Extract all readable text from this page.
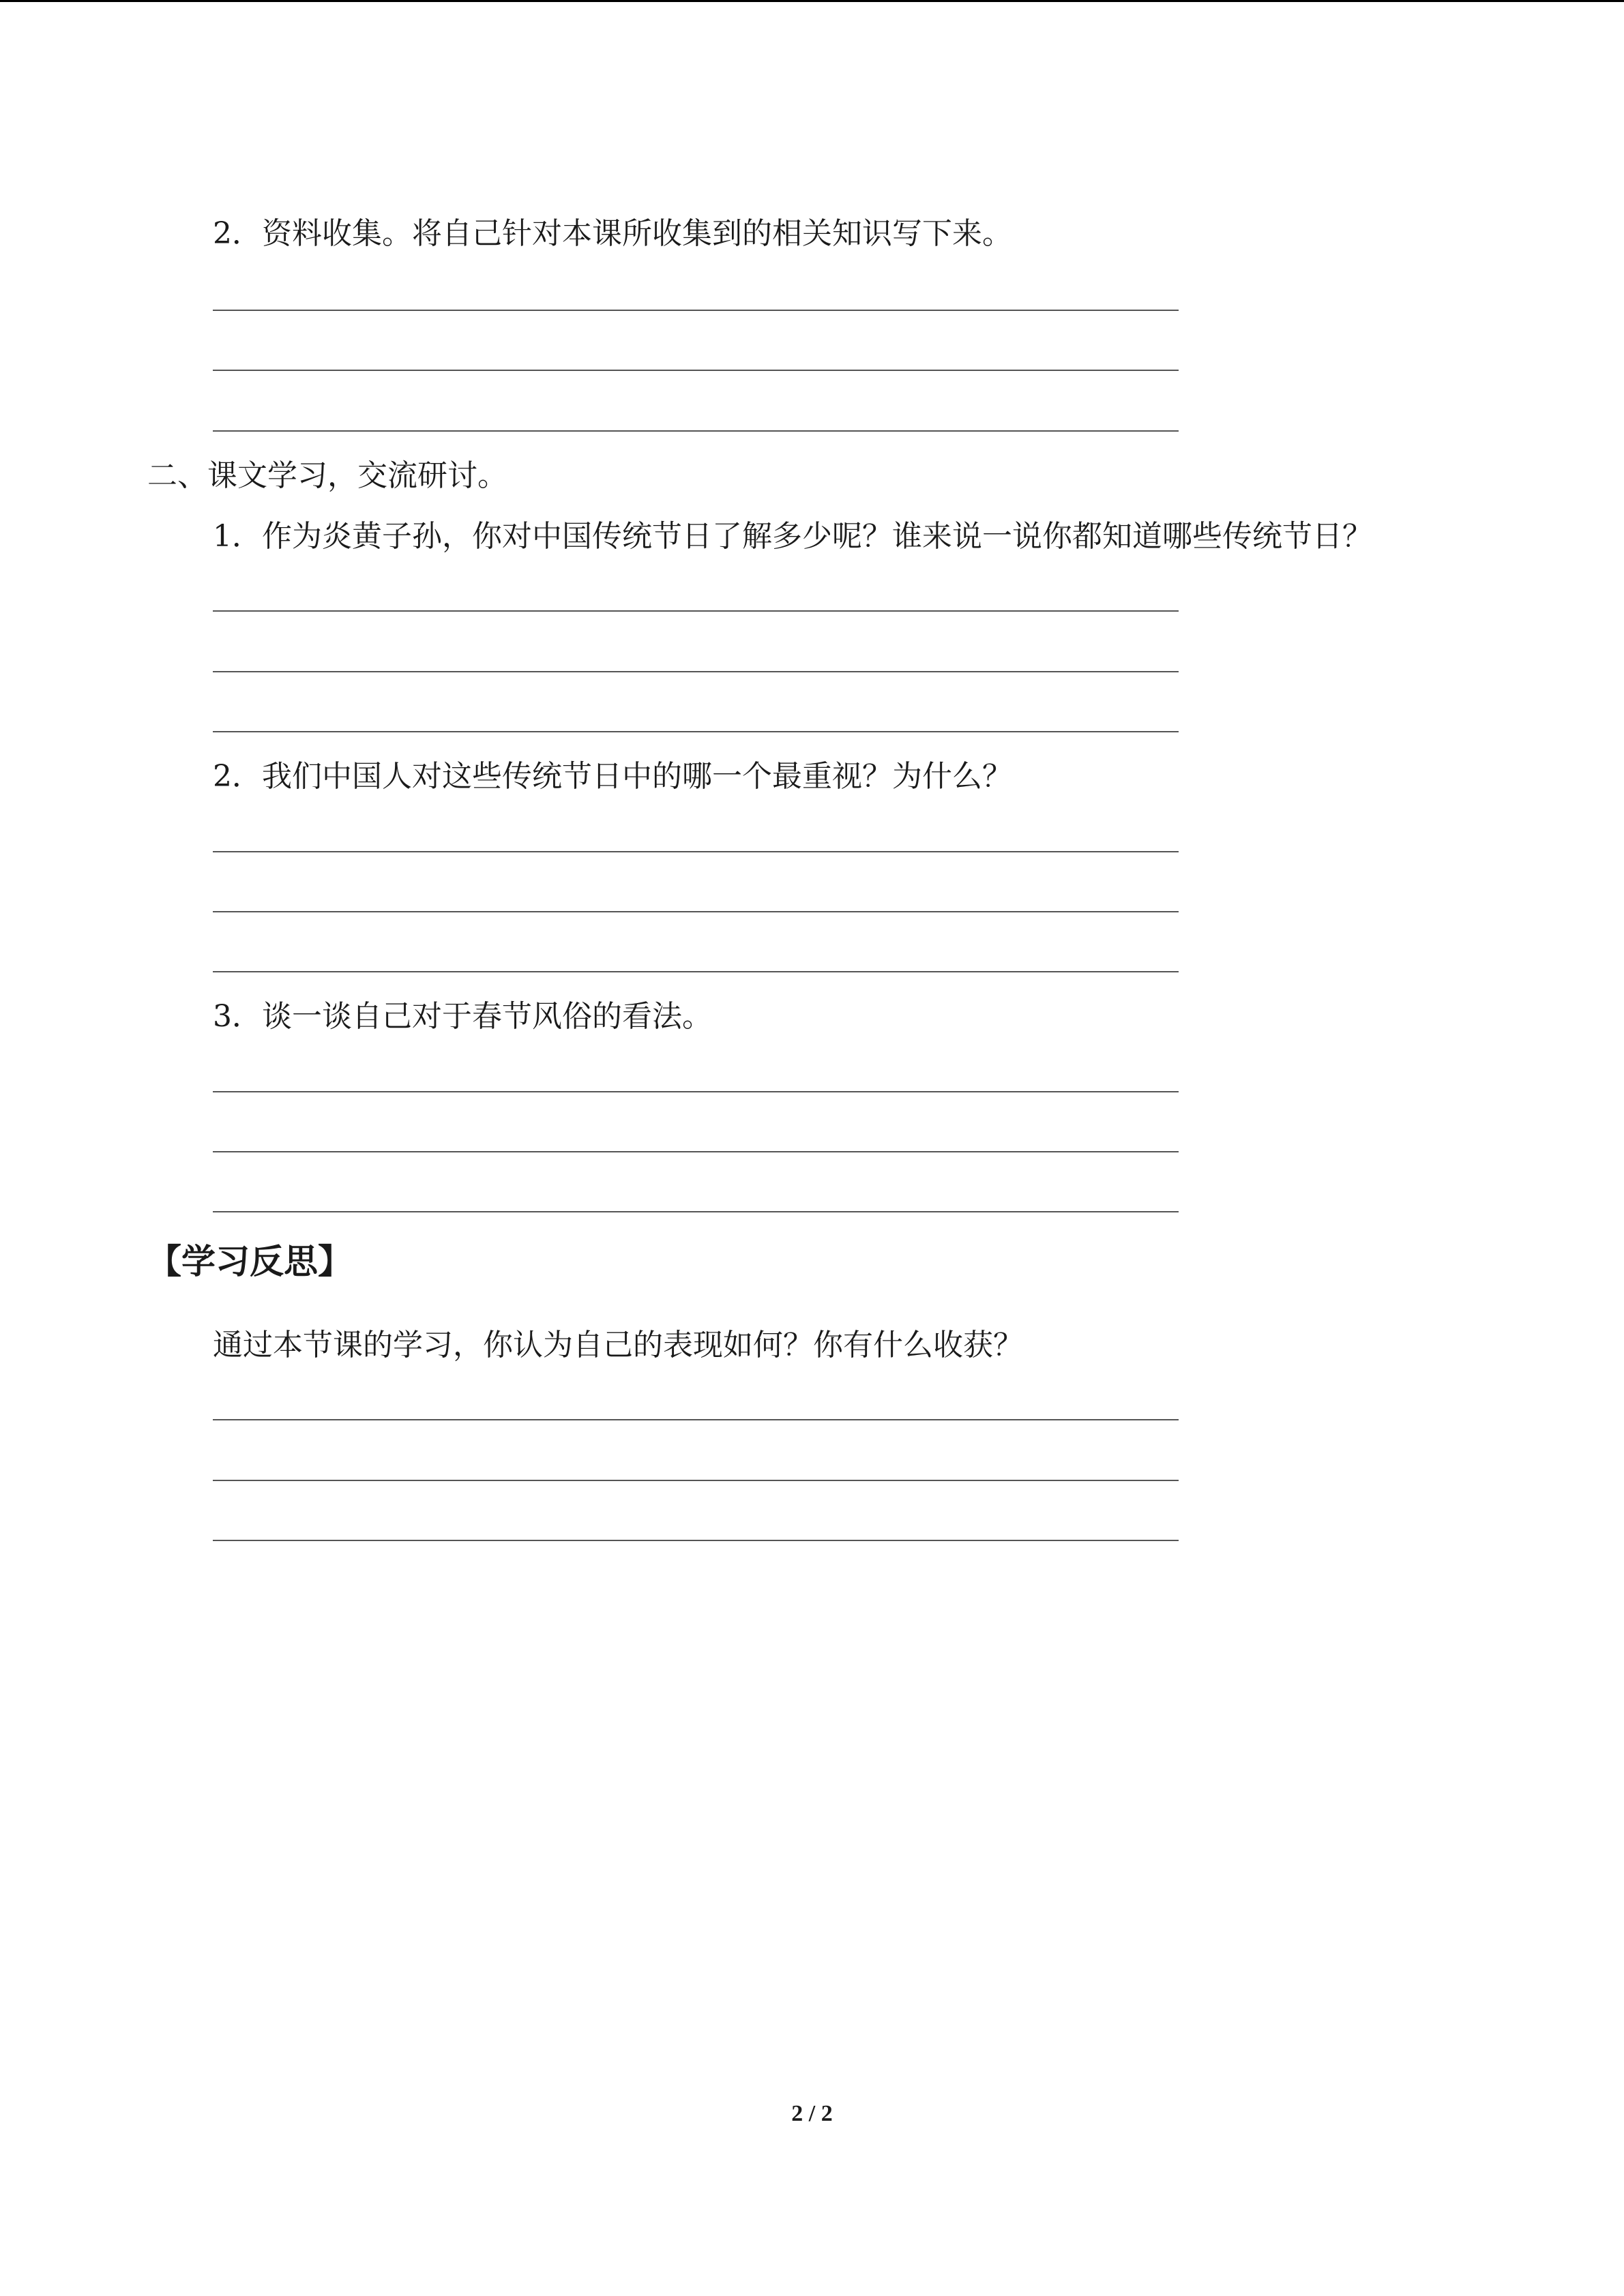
2．资料收集。将自己针对本课所收集到的相关知识写下来。
二、课文学习，交流研讨。
1．作为炎黄子孙，你对中国传统节日了解多少呢？谁来说一说你都知道哪些传统节日？
2．我们中国人对这些传统节日中的哪一个最重视？为什么？
3．谈一谈自己对于春节风俗的看法。
【学习反思】
通过本节课的学习，你认为自己的表现如何？你有什么收获？
2 / 2
